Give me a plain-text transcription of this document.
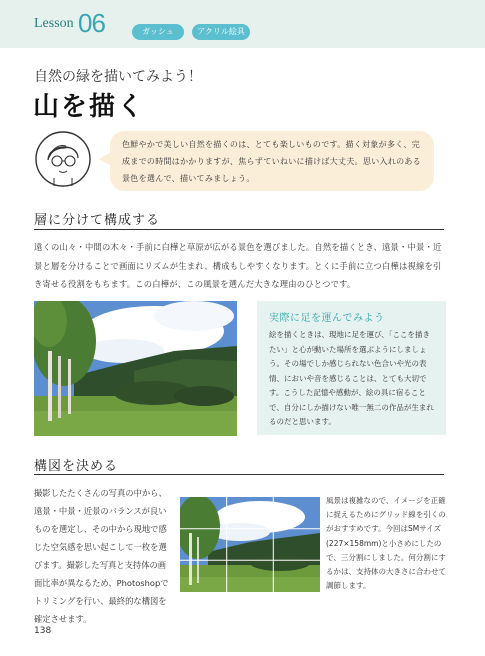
Lesson 06	ガッシュ	アクリル絵具
自然の緑を描いてみよう！
山を描く
色鮮やかで美しい自然を描くのは、とても楽しいものです。描く対象が多く、完成までの時間はかかりますが、焦らずていねいに描けば大丈夫。思い入れのある景色を選んで、描いてみましょう。
層に分けて構成する
遠くの山々・中間の木々・手前に白樺と草原が広がる景色を選びました。自然を描くとき、遠景・中景・近景と層を分けることで画面にリズムが生まれ、構成もしやすくなります。とくに手前に立つ白樺は視線を引き寄せる役割をもちます。この白樺が、この風景を選んだ大きな理由のひとつです。
実際に足を運んでみよう
絵を描くときは、現地に足を運び、「ここを描きたい」と心が動いた場所を選ぶようにしましょう。その場でしか感じられない色合いや光の表情、においや音を感じることは、とても大切です。こうした記憶や感動が、絵の具に宿ることで、自分にしか描けない唯一無二の作品が生まれるのだと思います。
構図を決める
撮影したたくさんの写真の中から、遠景・中景・近景のバランスが良いものを選定し、その中から現地で感じた空気感を思い起こして一枚を選びます。撮影した写真と支持体の画面比率が異なるため、Photoshopでトリミングを行い、最終的な構図を確定させます。
風景は複雑なので、イメージを正確に捉えるためにグリッド線を引くのがおすすめです。今回はSMサイズ(227×158mm)と小さめにしたので、三分割にしました。何分割にするかは、支持体の大きさに合わせて調節します。
138
